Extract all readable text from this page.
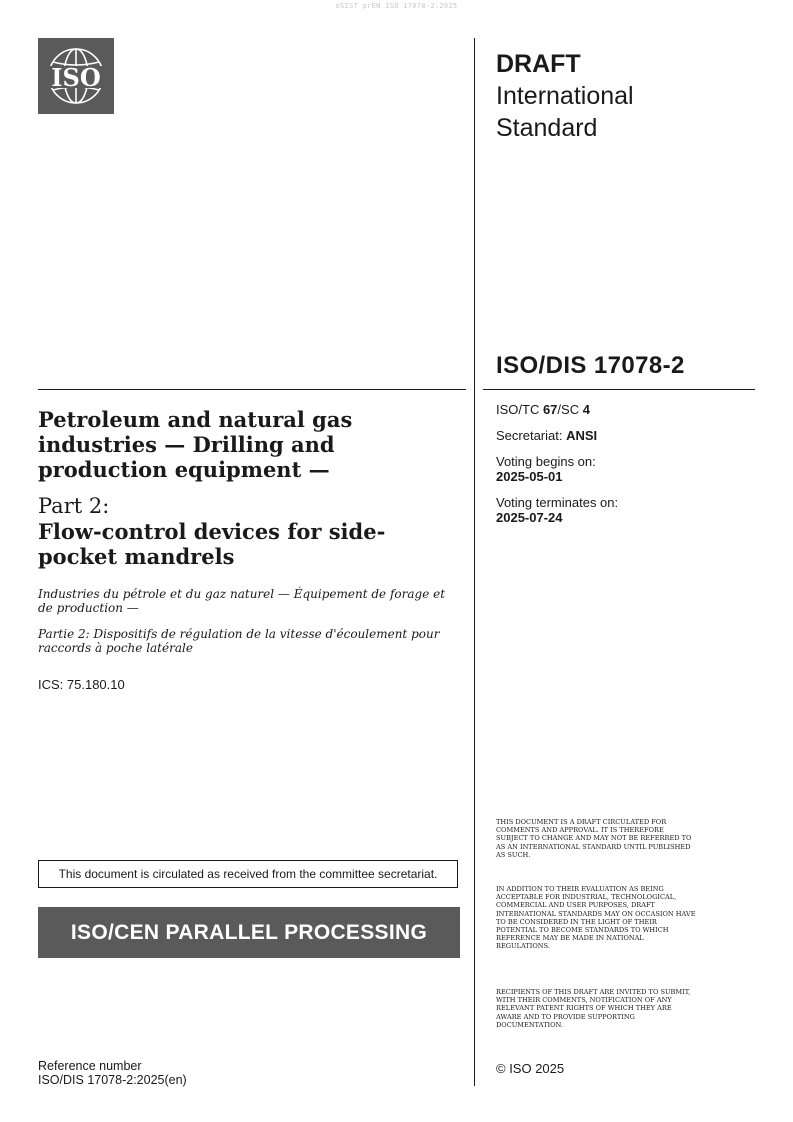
oSIST prEN ISO 17078-2:2025
ISO	DRAFT
International
Standard
ISO/DIS 17078-2
ISO/TC 67/SC 4
Secretariat: ANSI
Voting begins on:
2025-05-01
Voting terminates on:
2025-07-24
Petroleum and natural gas industries — Drilling and production equipment —
Part 2:
Flow-control devices for side-pocket mandrels
Industries du pétrole et du gaz naturel — Équipement de forage et de production —
Partie 2: Dispositifs de régulation de la vitesse d'écoulement pour raccords à poche latérale
ICS: 75.180.10
This document is circulated as received from the committee secretariat.
ISO/CEN PARALLEL PROCESSING
Reference number
ISO/DIS 17078-2:2025(en)
THIS DOCUMENT IS A DRAFT CIRCULATED FOR COMMENTS AND APPROVAL. IT IS THEREFORE SUBJECT TO CHANGE AND MAY NOT BE REFERRED TO AS AN INTERNATIONAL STANDARD UNTIL PUBLISHED AS SUCH.
IN ADDITION TO THEIR EVALUATION AS BEING ACCEPTABLE FOR INDUSTRIAL, TECHNOLOGICAL, COMMERCIAL AND USER PURPOSES, DRAFT INTERNATIONAL STANDARDS MAY ON OCCASION HAVE TO BE CONSIDERED IN THE LIGHT OF THEIR POTENTIAL TO BECOME STANDARDS TO WHICH REFERENCE MAY BE MADE IN NATIONAL REGULATIONS.
RECIPIENTS OF THIS DRAFT ARE INVITED TO SUBMIT, WITH THEIR COMMENTS, NOTIFICATION OF ANY RELEVANT PATENT RIGHTS OF WHICH THEY ARE AWARE AND TO PROVIDE SUPPORTING DOCUMENTATION.
© ISO 2025
